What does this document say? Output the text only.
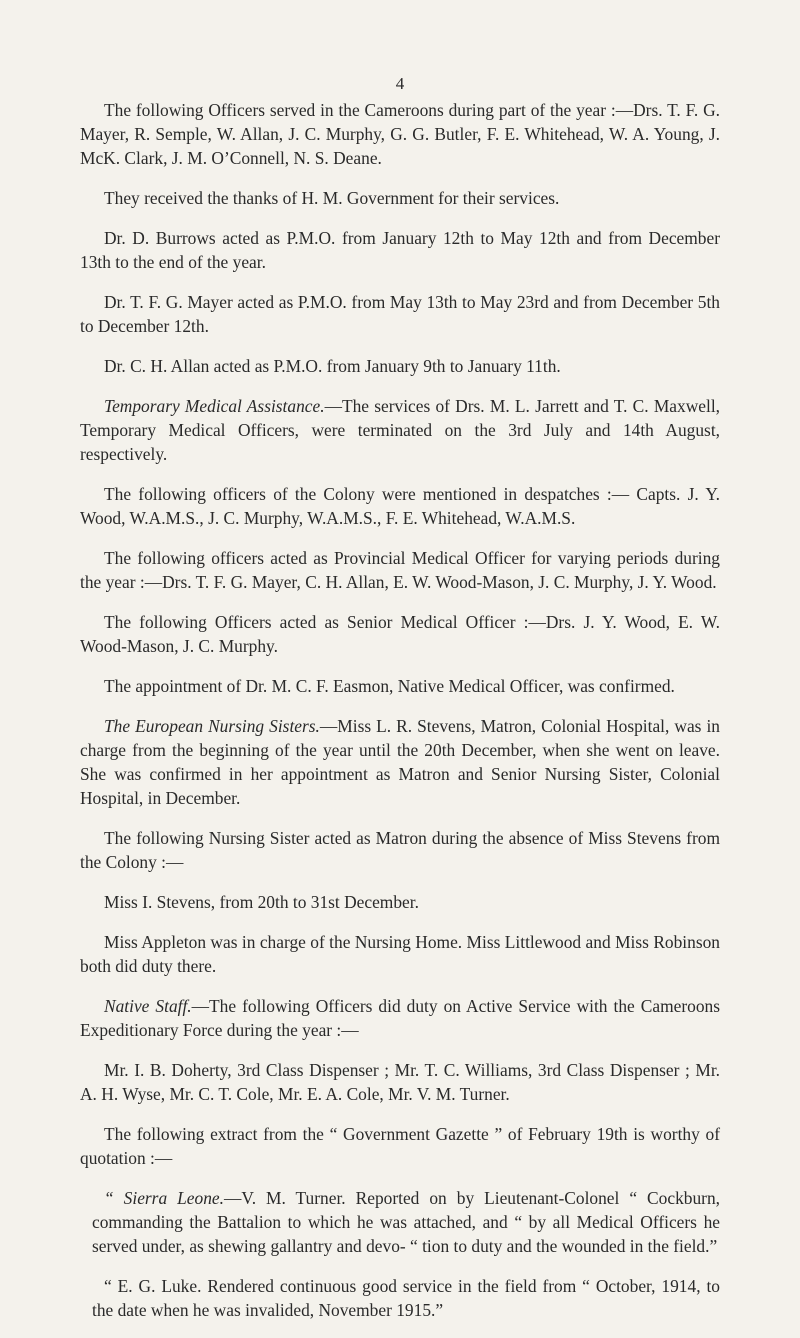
4

The following Officers served in the Cameroons during part of the year :—Drs. T. F. G. Mayer, R. Semple, W. Allan, J. C. Murphy, G. G. Butler, F. E. Whitehead, W. A. Young, J. McK. Clark, J. M. O’Connell, N. S. Deane.

They received the thanks of H. M. Government for their services.

Dr. D. Burrows acted as P.M.O. from January 12th to May 12th and from December 13th to the end of the year.

Dr. T. F. G. Mayer acted as P.M.O. from May 13th to May 23rd and from December 5th to December 12th.

Dr. C. H. Allan acted as P.M.O. from January 9th to January 11th.

Temporary Medical Assistance.—The services of Drs. M. L. Jarrett and T. C. Maxwell, Temporary Medical Officers, were terminated on the 3rd July and 14th August, respectively.

The following officers of the Colony were mentioned in despatches :— Capts. J. Y. Wood, W.A.M.S., J. C. Murphy, W.A.M.S., F. E. Whitehead, W.A.M.S.

The following officers acted as Provincial Medical Officer for varying periods during the year :—Drs. T. F. G. Mayer, C. H. Allan, E. W. Wood-Mason, J. C. Murphy, J. Y. Wood.

The following Officers acted as Senior Medical Officer :—Drs. J. Y. Wood, E. W. Wood-Mason, J. C. Murphy.

The appointment of Dr. M. C. F. Easmon, Native Medical Officer, was confirmed.

The European Nursing Sisters.—Miss L. R. Stevens, Matron, Colonial Hospital, was in charge from the beginning of the year until the 20th December, when she went on leave. She was confirmed in her appointment as Matron and Senior Nursing Sister, Colonial Hospital, in December.

The following Nursing Sister acted as Matron during the absence of Miss Stevens from the Colony :—

Miss I. Stevens, from 20th to 31st December.

Miss Appleton was in charge of the Nursing Home. Miss Littlewood and Miss Robinson both did duty there.

Native Staff.—The following Officers did duty on Active Service with the Cameroons Expeditionary Force during the year :—

Mr. I. B. Doherty, 3rd Class Dispenser ; Mr. T. C. Williams, 3rd Class Dispenser ; Mr. A. H. Wyse, Mr. C. T. Cole, Mr. E. A. Cole, Mr. V. M. Turner.

The following extract from the “ Government Gazette ” of February 19th is worthy of quotation :—

“ Sierra Leone.—V. M. Turner. Reported on by Lieutenant-Colonel “ Cockburn, commanding the Battalion to which he was attached, and “ by all Medical Officers he served under, as shewing gallantry and devo- “ tion to duty and the wounded in the field.”

“ E. G. Luke. Rendered continuous good service in the field from “ October, 1914, to the date when he was invalided, November 1915.”
